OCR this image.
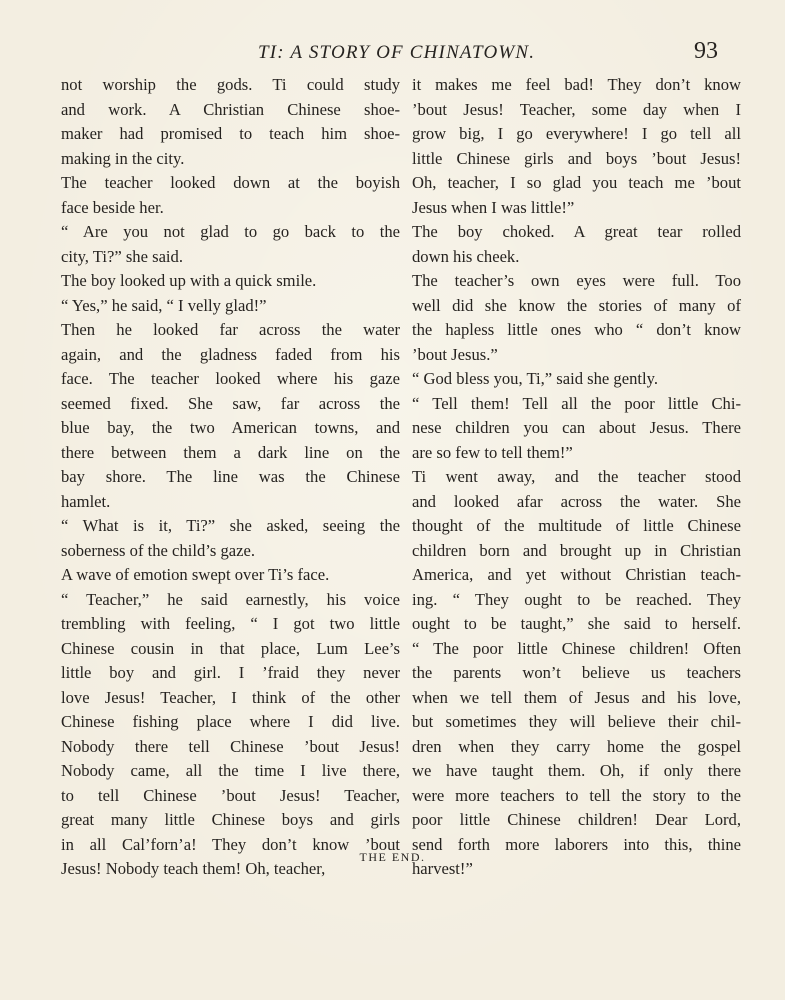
TI: A STORY OF CHINATOWN.	93
not worship the gods. Ti could study
and work. A Christian Chinese shoe-
maker had promised to teach him shoe-
making in the city.
The teacher looked down at the boyish
face beside her.
“ Are you not glad to go back to the
city, Ti?” she said.
The boy looked up with a quick smile.
“ Yes,” he said, “ I velly glad!”
Then he looked far across the water
again, and the gladness faded from his
face. The teacher looked where his gaze
seemed fixed. She saw, far across the
blue bay, the two American towns, and
there between them a dark line on the
bay shore. The line was the Chinese
hamlet.
“ What is it, Ti?” she asked, seeing the
soberness of the child’s gaze.
A wave of emotion swept over Ti’s face.
“ Teacher,” he said earnestly, his voice
trembling with feeling, “ I got two little
Chinese cousin in that place, Lum Lee’s
little boy and girl. I ’fraid they never
love Jesus! Teacher, I think of the other
Chinese fishing place where I did live.
Nobody there tell Chinese ’bout Jesus!
Nobody came, all the time I live there,
to tell Chinese ’bout Jesus! Teacher,
great many little Chinese boys and girls
in all Cal’forn’a! They don’t know ’bout
Jesus! Nobody teach them! Oh, teacher,
it makes me feel bad! They don’t know
’bout Jesus! Teacher, some day when I
grow big, I go everywhere! I go tell all
little Chinese girls and boys ’bout Jesus!
Oh, teacher, I so glad you teach me ’bout
Jesus when I was little!”
The boy choked. A great tear rolled
down his cheek.
The teacher’s own eyes were full. Too
well did she know the stories of many of
the hapless little ones who “ don’t know
’bout Jesus.”
“ God bless you, Ti,” said she gently.
“ Tell them! Tell all the poor little Chi-
nese children you can about Jesus. There
are so few to tell them!”
Ti went away, and the teacher stood
and looked afar across the water. She
thought of the multitude of little Chinese
children born and brought up in Christian
America, and yet without Christian teach-
ing. “ They ought to be reached. They
ought to be taught,” she said to herself.
“ The poor little Chinese children! Often
the parents won’t believe us teachers
when we tell them of Jesus and his love,
but sometimes they will believe their chil-
dren when they carry home the gospel
we have taught them. Oh, if only there
were more teachers to tell the story to the
poor little Chinese children! Dear Lord,
send forth more laborers into this, thine
harvest!”
THE END.
